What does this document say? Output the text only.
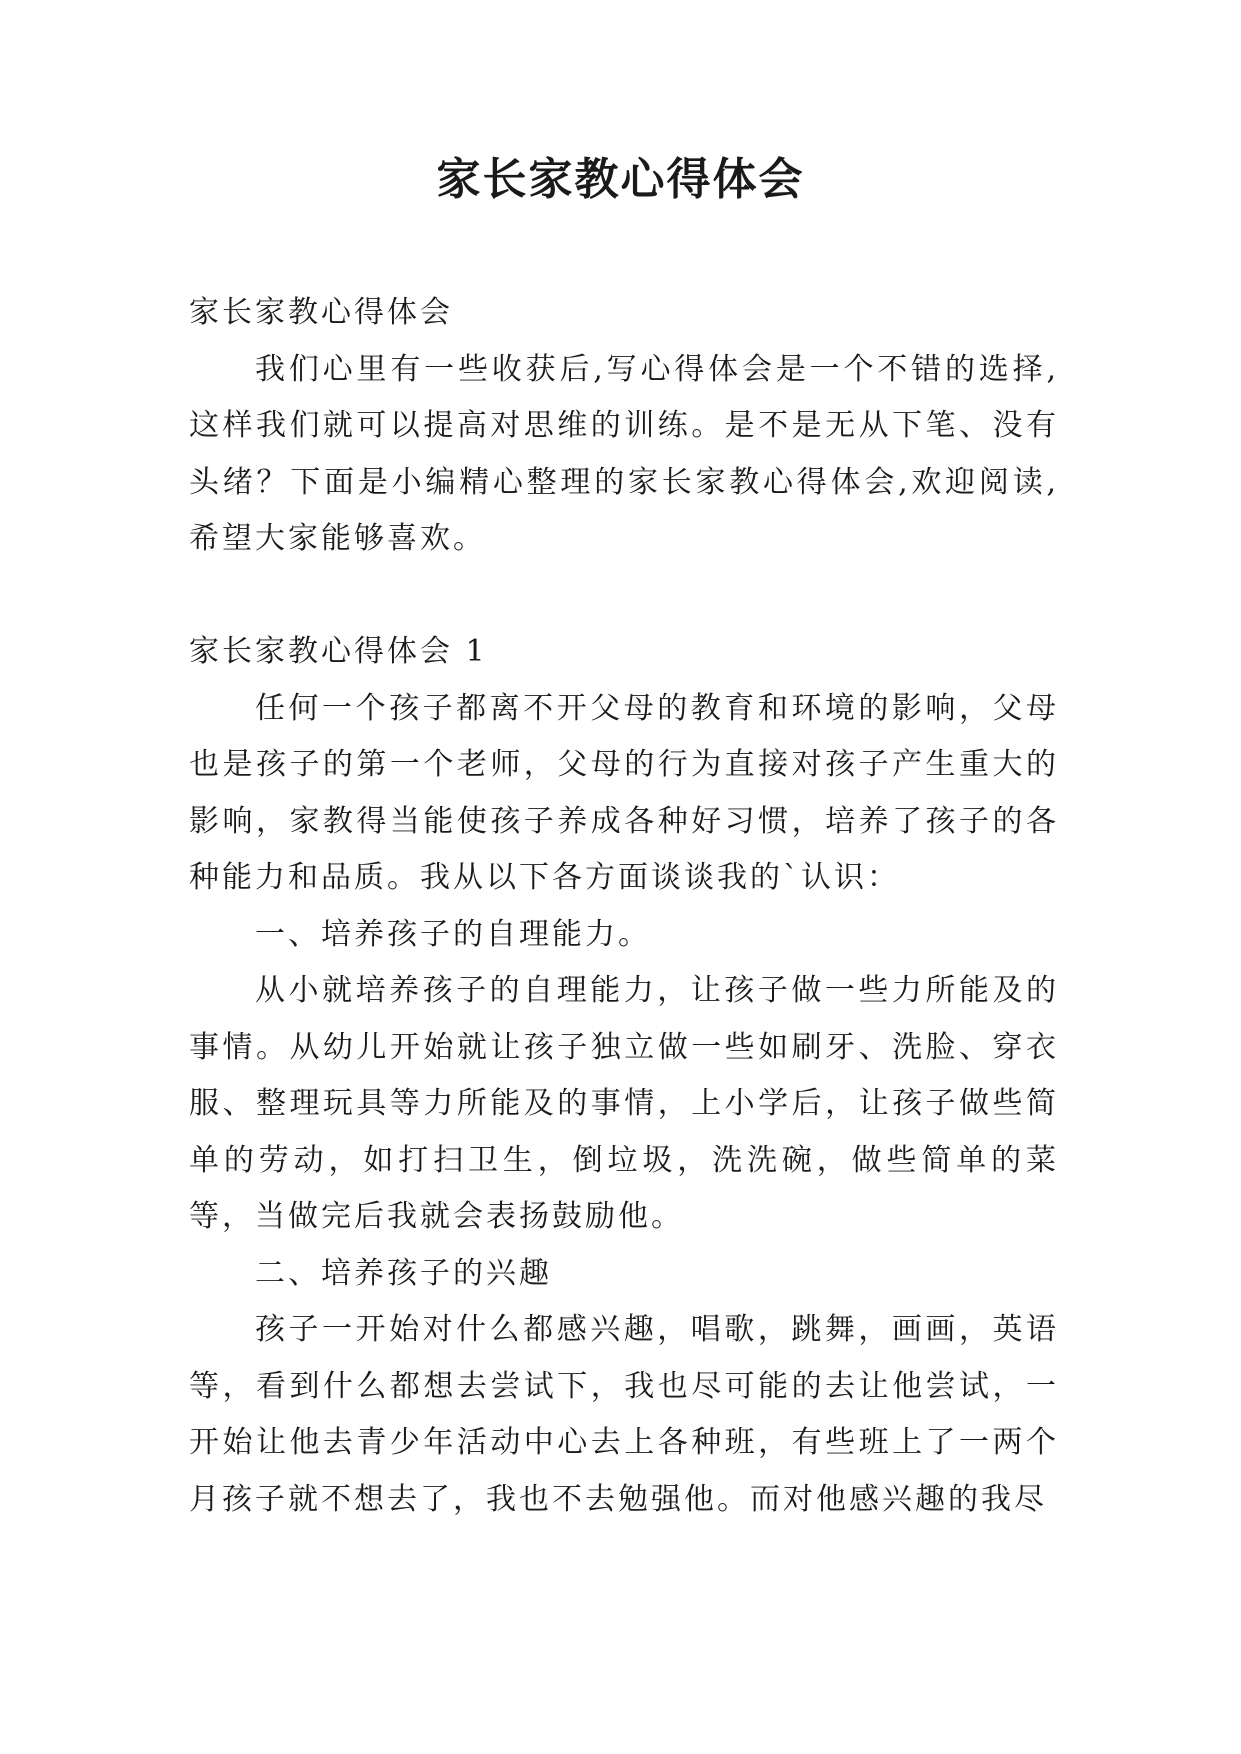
家长家教心得体会

家长家教心得体会

我们心里有一些收获后,写心得体会是一个不错的选择,这样我们就可以提高对思维的训练。是不是无从下笔、没有头绪？下面是小编精心整理的家长家教心得体会,欢迎阅读,希望大家能够喜欢。

家长家教心得体会 1

任何一个孩子都离不开父母的教育和环境的影响，父母也是孩子的第一个老师，父母的行为直接对孩子产生重大的影响，家教得当能使孩子养成各种好习惯，培养了孩子的各种能力和品质。我从以下各方面谈谈我的`认识：

一、培养孩子的自理能力。

从小就培养孩子的自理能力，让孩子做一些力所能及的事情。从幼儿开始就让孩子独立做一些如刷牙、洗脸、穿衣服、整理玩具等力所能及的事情，上小学后，让孩子做些简单的劳动，如打扫卫生，倒垃圾，洗洗碗，做些简单的菜等，当做完后我就会表扬鼓励他。

二、培养孩子的兴趣

孩子一开始对什么都感兴趣，唱歌，跳舞，画画，英语等，看到什么都想去尝试下，我也尽可能的去让他尝试，一开始让他去青少年活动中心去上各种班，有些班上了一两个月孩子就不想去了，我也不去勉强他。而对他感兴趣的我尽
